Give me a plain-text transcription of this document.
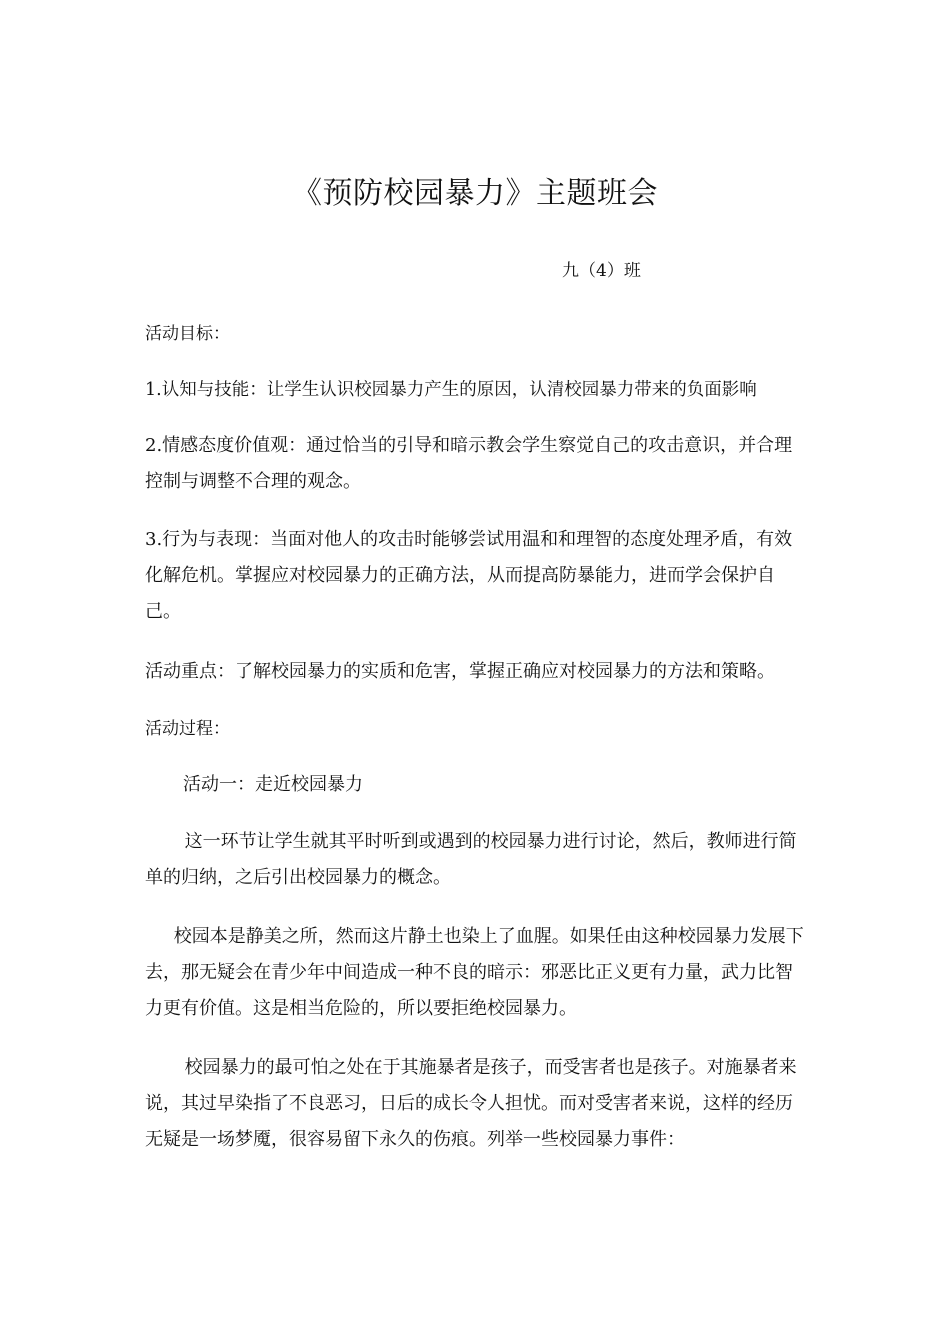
《预防校园暴力》主题班会
九（4）班

活动目标：

1.认知与技能：让学生认识校园暴力产生的原因，认清校园暴力带来的负面影响

2.情感态度价值观：通过恰当的引导和暗示教会学生察觉自己的攻击意识，并合理控制与调整不合理的观念。

3.行为与表现：当面对他人的攻击时能够尝试用温和和理智的态度处理矛盾，有效化解危机。掌握应对校园暴力的正确方法，从而提高防暴能力，进而学会保护自己。

活动重点：了解校园暴力的实质和危害，掌握正确应对校园暴力的方法和策略。

活动过程：

活动一：走近校园暴力

这一环节让学生就其平时听到或遇到的校园暴力进行讨论，然后，教师进行简单的归纳，之后引出校园暴力的概念。

校园本是静美之所，然而这片静土也染上了血腥。如果任由这种校园暴力发展下去，那无疑会在青少年中间造成一种不良的暗示：邪恶比正义更有力量，武力比智力更有价值。这是相当危险的，所以要拒绝校园暴力。

校园暴力的最可怕之处在于其施暴者是孩子，而受害者也是孩子。对施暴者来说，其过早染指了不良恶习，日后的成长令人担忧。而对受害者来说，这样的经历无疑是一场梦魇，很容易留下永久的伤痕。列举一些校园暴力事件：
